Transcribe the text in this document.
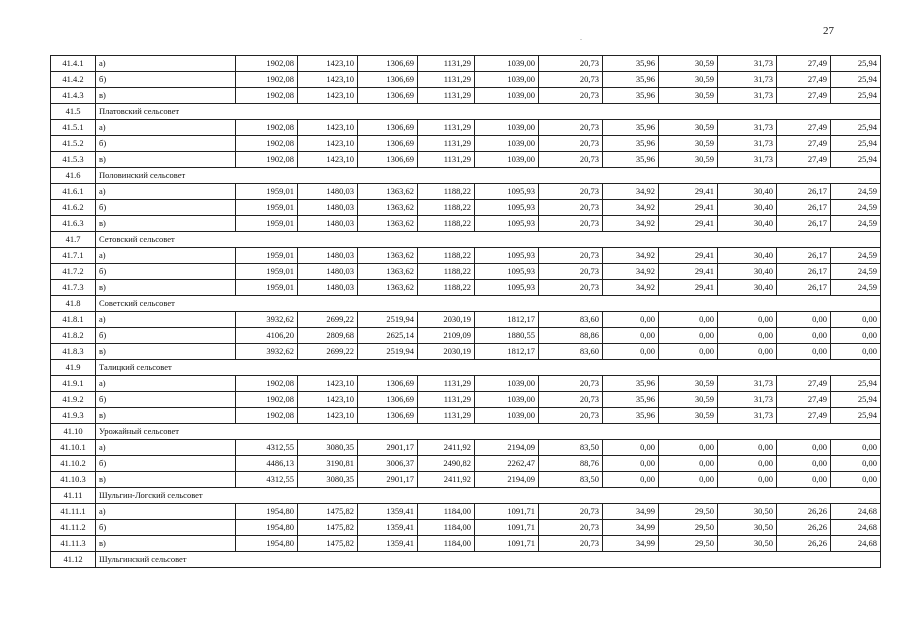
27
.
41.4.1	а)	1902,08	1423,10	1306,69	1131,29	1039,00	20,73	35,96	30,59	31,73	27,49	25,94
41.4.2	б)	1902,08	1423,10	1306,69	1131,29	1039,00	20,73	35,96	30,59	31,73	27,49	25,94
41.4.3	в)	1902,08	1423,10	1306,69	1131,29	1039,00	20,73	35,96	30,59	31,73	27,49	25,94
41.5	Платовский сельсовет											
41.5.1	а)	1902,08	1423,10	1306,69	1131,29	1039,00	20,73	35,96	30,59	31,73	27,49	25,94
41.5.2	б)	1902,08	1423,10	1306,69	1131,29	1039,00	20,73	35,96	30,59	31,73	27,49	25,94
41.5.3	в)	1902,08	1423,10	1306,69	1131,29	1039,00	20,73	35,96	30,59	31,73	27,49	25,94
41.6	Половинский сельсовет											
41.6.1	а)	1959,01	1480,03	1363,62	1188,22	1095,93	20,73	34,92	29,41	30,40	26,17	24,59
41.6.2	б)	1959,01	1480,03	1363,62	1188,22	1095,93	20,73	34,92	29,41	30,40	26,17	24,59
41.6.3	в)	1959,01	1480,03	1363,62	1188,22	1095,93	20,73	34,92	29,41	30,40	26,17	24,59
41.7	Сетовский сельсовет											
41.7.1	а)	1959,01	1480,03	1363,62	1188,22	1095,93	20,73	34,92	29,41	30,40	26,17	24,59
41.7.2	б)	1959,01	1480,03	1363,62	1188,22	1095,93	20,73	34,92	29,41	30,40	26,17	24,59
41.7.3	в)	1959,01	1480,03	1363,62	1188,22	1095,93	20,73	34,92	29,41	30,40	26,17	24,59
41.8	Советский сельсовет											
41.8.1	а)	3932,62	2699,22	2519,94	2030,19	1812,17	83,60	0,00	0,00	0,00	0,00	0,00
41.8.2	б)	4106,20	2809,68	2625,14	2109,09	1880,55	88,86	0,00	0,00	0,00	0,00	0,00
41.8.3	в)	3932,62	2699,22	2519,94	2030,19	1812,17	83,60	0,00	0,00	0,00	0,00	0,00
41.9	Талицкий сельсовет											
41.9.1	а)	1902,08	1423,10	1306,69	1131,29	1039,00	20,73	35,96	30,59	31,73	27,49	25,94
41.9.2	б)	1902,08	1423,10	1306,69	1131,29	1039,00	20,73	35,96	30,59	31,73	27,49	25,94
41.9.3	в)	1902,08	1423,10	1306,69	1131,29	1039,00	20,73	35,96	30,59	31,73	27,49	25,94
41.10	Урожайный сельсовет											
41.10.1	а)	4312,55	3080,35	2901,17	2411,92	2194,09	83,50	0,00	0,00	0,00	0,00	0,00
41.10.2	б)	4486,13	3190,81	3006,37	2490,82	2262,47	88,76	0,00	0,00	0,00	0,00	0,00
41.10.3	в)	4312,55	3080,35	2901,17	2411,92	2194,09	83,50	0,00	0,00	0,00	0,00	0,00
41.11	Шульгин-Логский сельсовет											
41.11.1	а)	1954,80	1475,82	1359,41	1184,00	1091,71	20,73	34,99	29,50	30,50	26,26	24,68
41.11.2	б)	1954,80	1475,82	1359,41	1184,00	1091,71	20,73	34,99	29,50	30,50	26,26	24,68
41.11.3	в)	1954,80	1475,82	1359,41	1184,00	1091,71	20,73	34,99	29,50	30,50	26,26	24,68
41.12	Шульгинский сельсовет											
